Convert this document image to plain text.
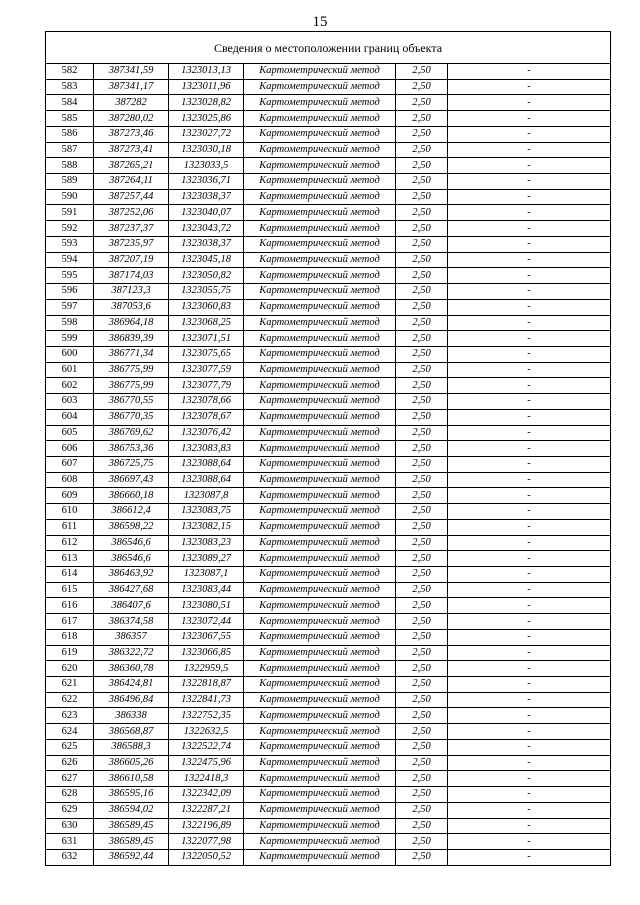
15
Сведения о местоположении границ объекта					
582	387341,59	1323013,13	Картометрический метод	2,50	-
583	387341,17	1323011,96	Картометрический метод	2,50	-
584	387282	1323028,82	Картометрический метод	2,50	-
585	387280,02	1323025,86	Картометрический метод	2,50	-
586	387273,46	1323027,72	Картометрический метод	2,50	-
587	387273,41	1323030,18	Картометрический метод	2,50	-
588	387265,21	1323033,5	Картометрический метод	2,50	-
589	387264,11	1323036,71	Картометрический метод	2,50	-
590	387257,44	1323038,37	Картометрический метод	2,50	-
591	387252,06	1323040,07	Картометрический метод	2,50	-
592	387237,37	1323043,72	Картометрический метод	2,50	-
593	387235,97	1323038,37	Картометрический метод	2,50	-
594	387207,19	1323045,18	Картометрический метод	2,50	-
595	387174,03	1323050,82	Картометрический метод	2,50	-
596	387123,3	1323055,75	Картометрический метод	2,50	-
597	387053,6	1323060,83	Картометрический метод	2,50	-
598	386964,18	1323068,25	Картометрический метод	2,50	-
599	386839,39	1323071,51	Картометрический метод	2,50	-
600	386771,34	1323075,65	Картометрический метод	2,50	-
601	386775,99	1323077,59	Картометрический метод	2,50	-
602	386775,99	1323077,79	Картометрический метод	2,50	-
603	386770,55	1323078,66	Картометрический метод	2,50	-
604	386770,35	1323078,67	Картометрический метод	2,50	-
605	386769,62	1323076,42	Картометрический метод	2,50	-
606	386753,36	1323083,83	Картометрический метод	2,50	-
607	386725,75	1323088,64	Картометрический метод	2,50	-
608	386697,43	1323088,64	Картометрический метод	2,50	-
609	386660,18	1323087,8	Картометрический метод	2,50	-
610	386612,4	1323083,75	Картометрический метод	2,50	-
611	386598,22	1323082,15	Картометрический метод	2,50	-
612	386546,6	1323083,23	Картометрический метод	2,50	-
613	386546,6	1323089,27	Картометрический метод	2,50	-
614	386463,92	1323087,1	Картометрический метод	2,50	-
615	386427,68	1323083,44	Картометрический метод	2,50	-
616	386407,6	1323080,51	Картометрический метод	2,50	-
617	386374,58	1323072,44	Картометрический метод	2,50	-
618	386357	1323067,55	Картометрический метод	2,50	-
619	386322,72	1323066,85	Картометрический метод	2,50	-
620	386360,78	1322959,5	Картометрический метод	2,50	-
621	386424,81	1322818,87	Картометрический метод	2,50	-
622	386496,84	1322841,73	Картометрический метод	2,50	-
623	386338	1322752,35	Картометрический метод	2,50	-
624	386568,87	1322632,5	Картометрический метод	2,50	-
625	386588,3	1322522,74	Картометрический метод	2,50	-
626	386605,26	1322475,96	Картометрический метод	2,50	-
627	386610,58	1322418,3	Картометрический метод	2,50	-
628	386595,16	1322342,09	Картометрический метод	2,50	-
629	386594,02	1322287,21	Картометрический метод	2,50	-
630	386589,45	1322196,89	Картометрический метод	2,50	-
631	386589,45	1322077,98	Картометрический метод	2,50	-
632	386592,44	1322050,52	Картометрический метод	2,50	-
